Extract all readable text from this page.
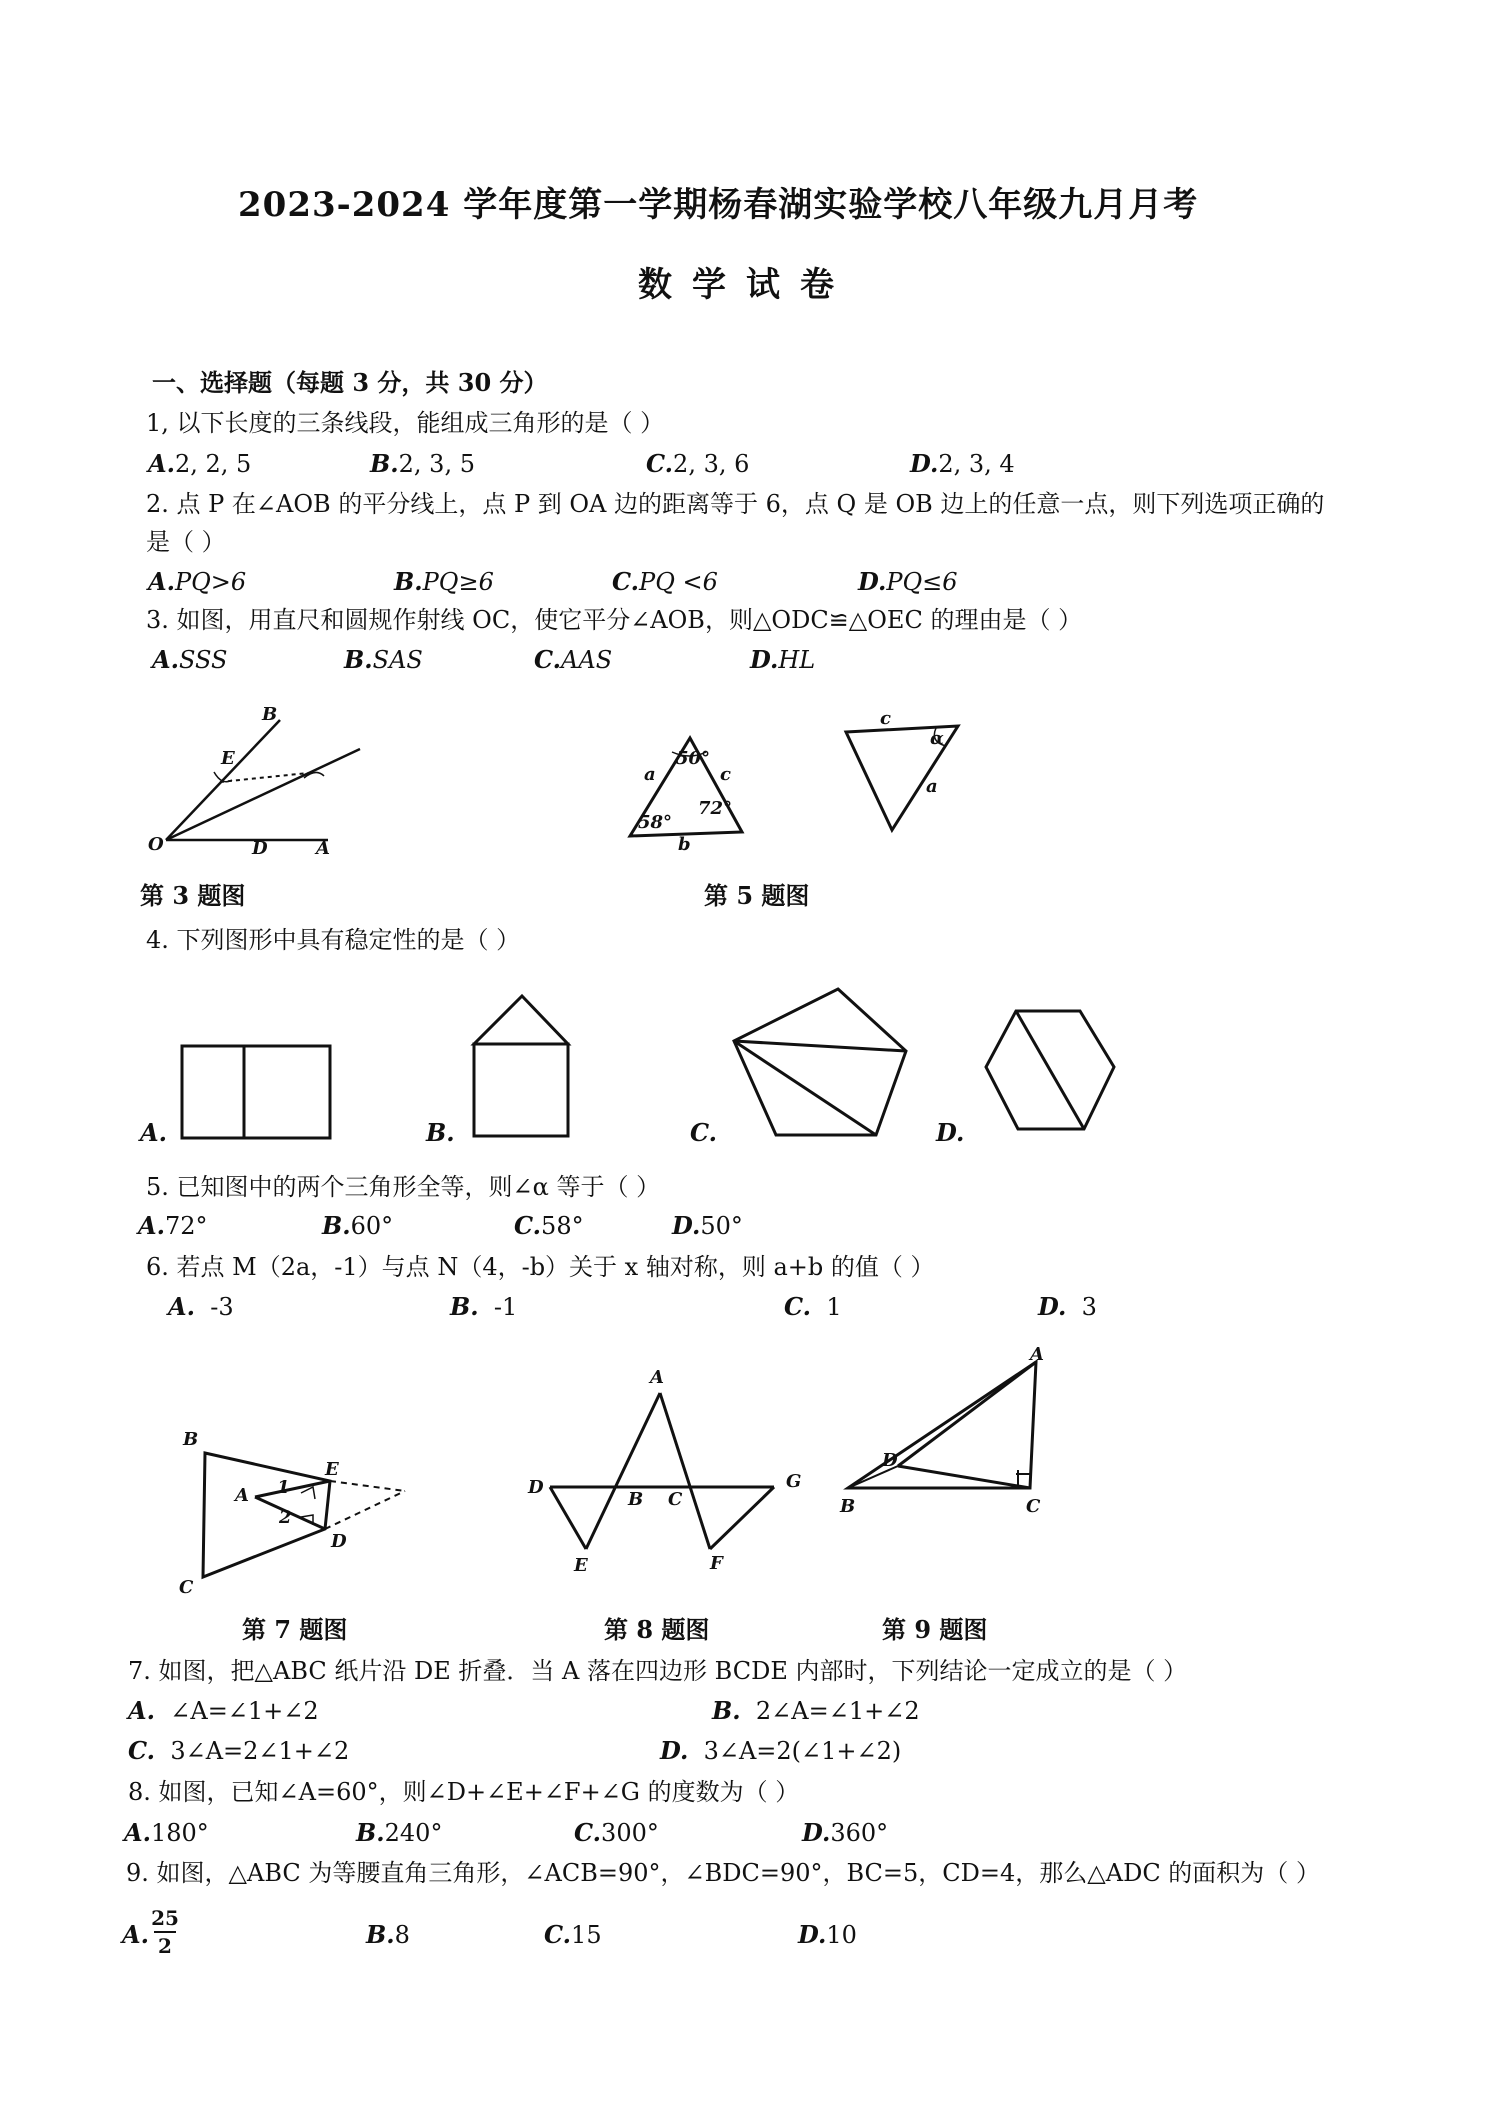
2023-2024 学年度第一学期杨春湖实验学校八年级九月月考
数学试卷
一、选择题（每题 3 分，共 30 分）
1, 以下长度的三条线段，能组成三角形的是（ ）
A.2, 2, 5	B.2, 3, 5	C.2, 3, 6	D.2, 3, 4
2. 点 P 在∠AOB 的平分线上，点 P 到 OA 边的距离等于 6，点 Q 是 OB 边上的任意一点，则下列选项正确的
是（ ）
A.PQ>6	B.PQ≥6	C.PQ <6	D.PQ≤6
3. 如图，用直尺和圆规作射线 OC，使它平分∠AOB，则△ODC≌△OEC 的理由是（ ）
A.SSS	B.SAS	C.AAS	D.HL
B
E
O	D	A
第 3 题图
a	c
b
50°
58°
72°
c
a
α
第 5 题图
4. 下列图形中具有稳定性的是（ ）
A.	B.	C.	D.
5. 已知图中的两个三角形全等，则∠α 等于（ ）
A.72°	B.60°	C.58°	D.50°
6. 若点 M（2a，-1）与点 N（4，-b）关于 x 轴对称，则 a+b 的值（ ）
A. -3	B. -1	C. 1	D. 3
B
E
A
C
D
1
2
第 7 题图
A
D
B C
G
E	F
第 8 题图
A
D
B	C
第 9 题图
7. 如图，把△ABC 纸片沿 DE 折叠．当 A 落在四边形 BCDE 内部时，下列结论一定成立的是（ ）
A. ∠A=∠1+∠2	B. 2∠A=∠1+∠2
C. 3∠A=2∠1+∠2	D. 3∠A=2(∠1+∠2)
8. 如图，已知∠A=60°，则∠D+∠E+∠F+∠G 的度数为（ ）
A.180°	B.240°	C.300°	D.360°
9. 如图，△ABC 为等腰直角三角形，∠ACB=90°，∠BDC=90°，BC=5，CD=4，那么△ADC 的面积为（ ）
A.
25
2	B.8	C.15	D.10
